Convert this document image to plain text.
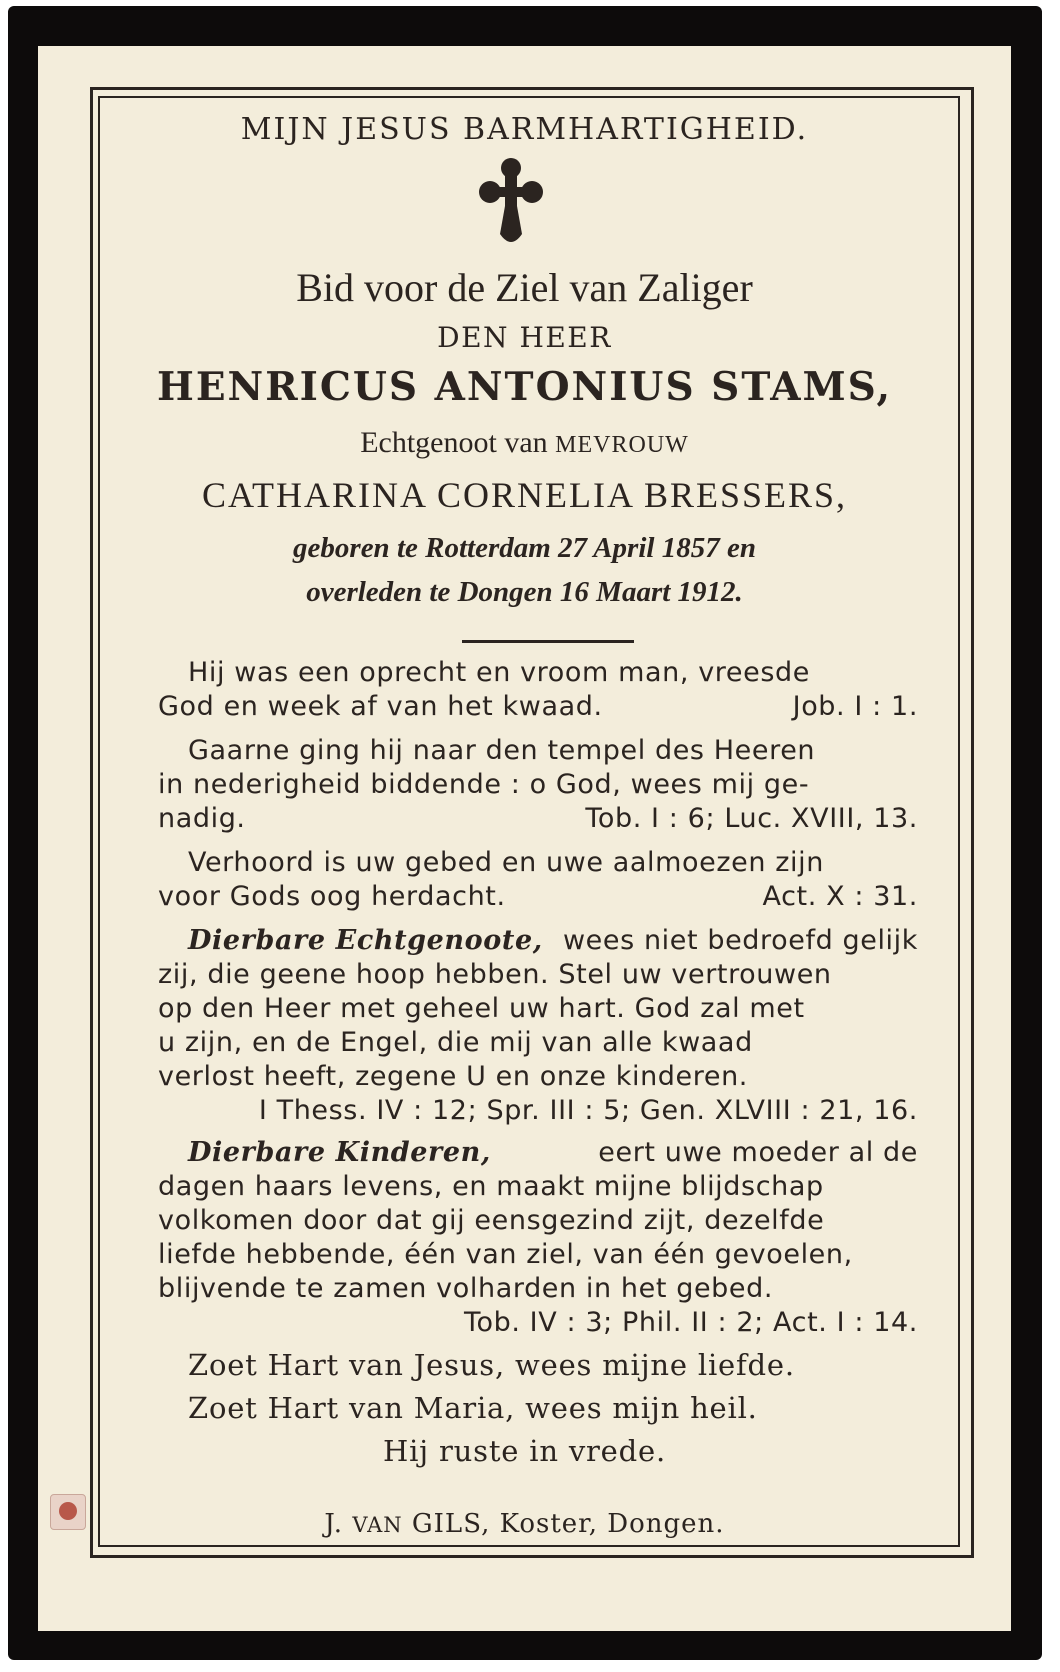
MIJN JESUS BARMHARTIGHEID.
Bid voor de Ziel van Zaliger
DEN HEER
HENRICUS ANTONIUS STAMS,
Echtgenoot van MEVROUW
CATHARINA CORNELIA BRESSERS,
geboren te Rotterdam 27 April 1857 en
overleden te Dongen 16 Maart 1912.
Hij was een oprecht en vroom man, vreesde
God en week af van het kwaad.	Job. I : 1.
Gaarne ging hij naar den tempel des Heeren
in nederigheid biddende : o God, wees mij ge-
nadig.	Tob. I : 6; Luc. XVIII, 13.
Verhoord is uw gebed en uwe aalmoezen zijn
voor Gods oog herdacht.	Act. X : 31.
Dierbare Echtgenoote, wees niet bedroefd gelijk
zij, die geene hoop hebben. Stel uw vertrouwen
op den Heer met geheel uw hart. God zal met
u zijn, en de Engel, die mij van alle kwaad
verlost heeft, zegene U en onze kinderen.
I Thess. IV : 12; Spr. III : 5; Gen. XLVIII : 21, 16.
Dierbare Kinderen,	eert uwe moeder al de
dagen haars levens, en maakt mijne blijdschap
volkomen door dat gij eensgezind zijt, dezelfde
liefde hebbende, één van ziel, van één gevoelen,
blijvende te zamen volharden in het gebed.
Tob. IV : 3; Phil. II : 2; Act. I : 14.
Zoet Hart van Jesus, wees mijne liefde.
Zoet Hart van Maria, wees mijn heil.
Hij ruste in vrede.
J. VAN GILS, Koster, Dongen.
